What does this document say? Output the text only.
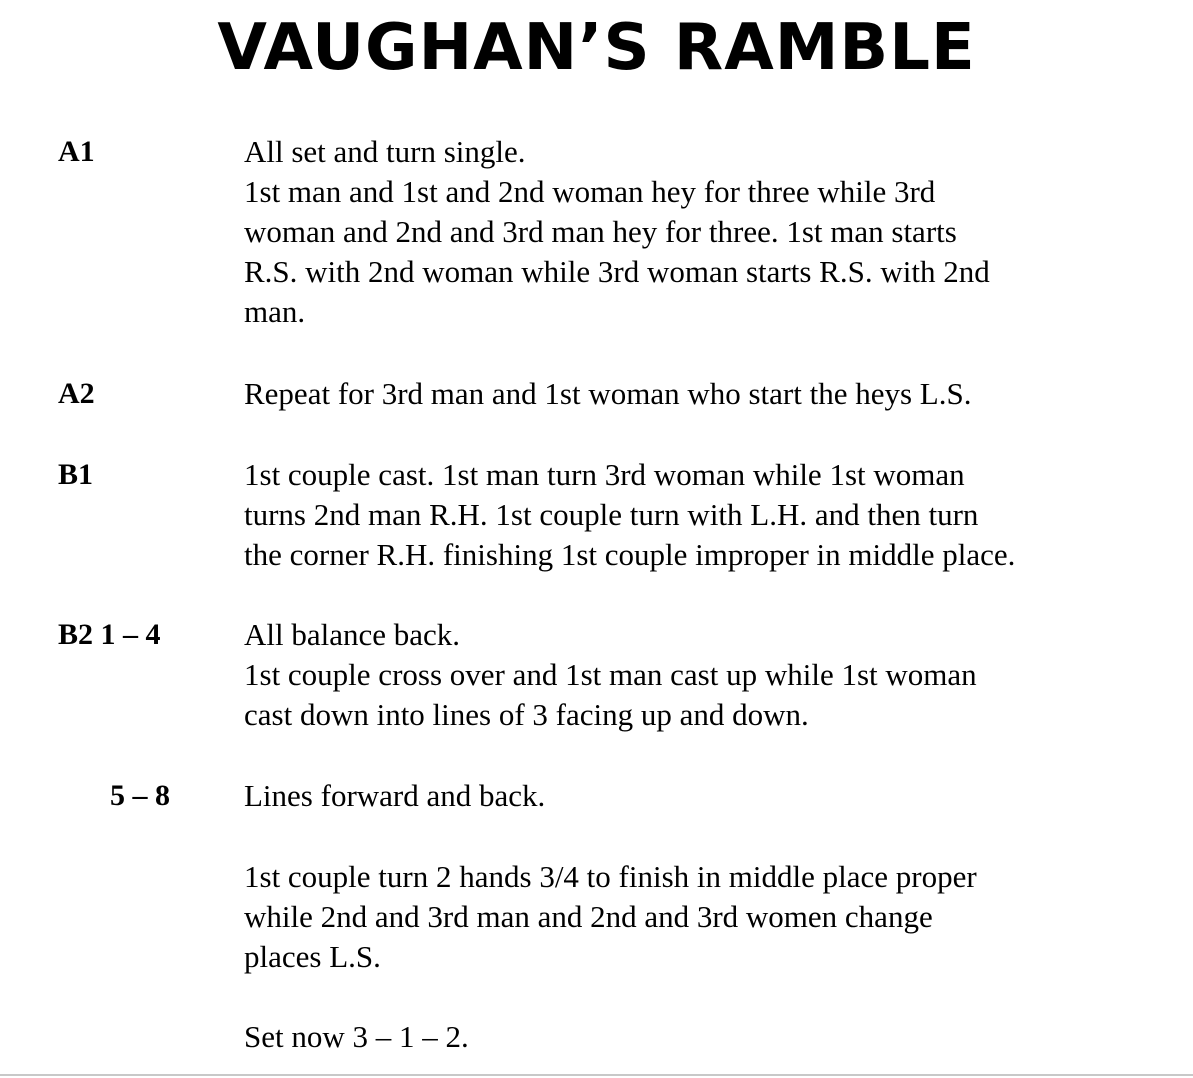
VAUGHAN’S RAMBLE
A1	All set and turn single.
1st man and 1st and 2nd woman hey for three while 3rd
woman and 2nd and 3rd man hey for three. 1st man starts
R.S. with 2nd woman while 3rd woman starts R.S. with 2nd
man.
A2	Repeat for 3rd man and 1st woman who start the heys L.S.
B1	1st couple cast. 1st man turn 3rd woman while 1st woman
turns 2nd man R.H. 1st couple turn with L.H. and then turn
the corner R.H. finishing 1st couple improper in middle place.
B2 1 – 4	All balance back.
1st couple cross over and 1st man cast up while 1st woman
cast down into lines of 3 facing up and down.
5 – 8 Lines forward and back.
1st couple turn 2 hands 3/4 to finish in middle place proper
while 2nd and 3rd man and 2nd and 3rd women change
places L.S.
Set now 3 – 1 – 2.
